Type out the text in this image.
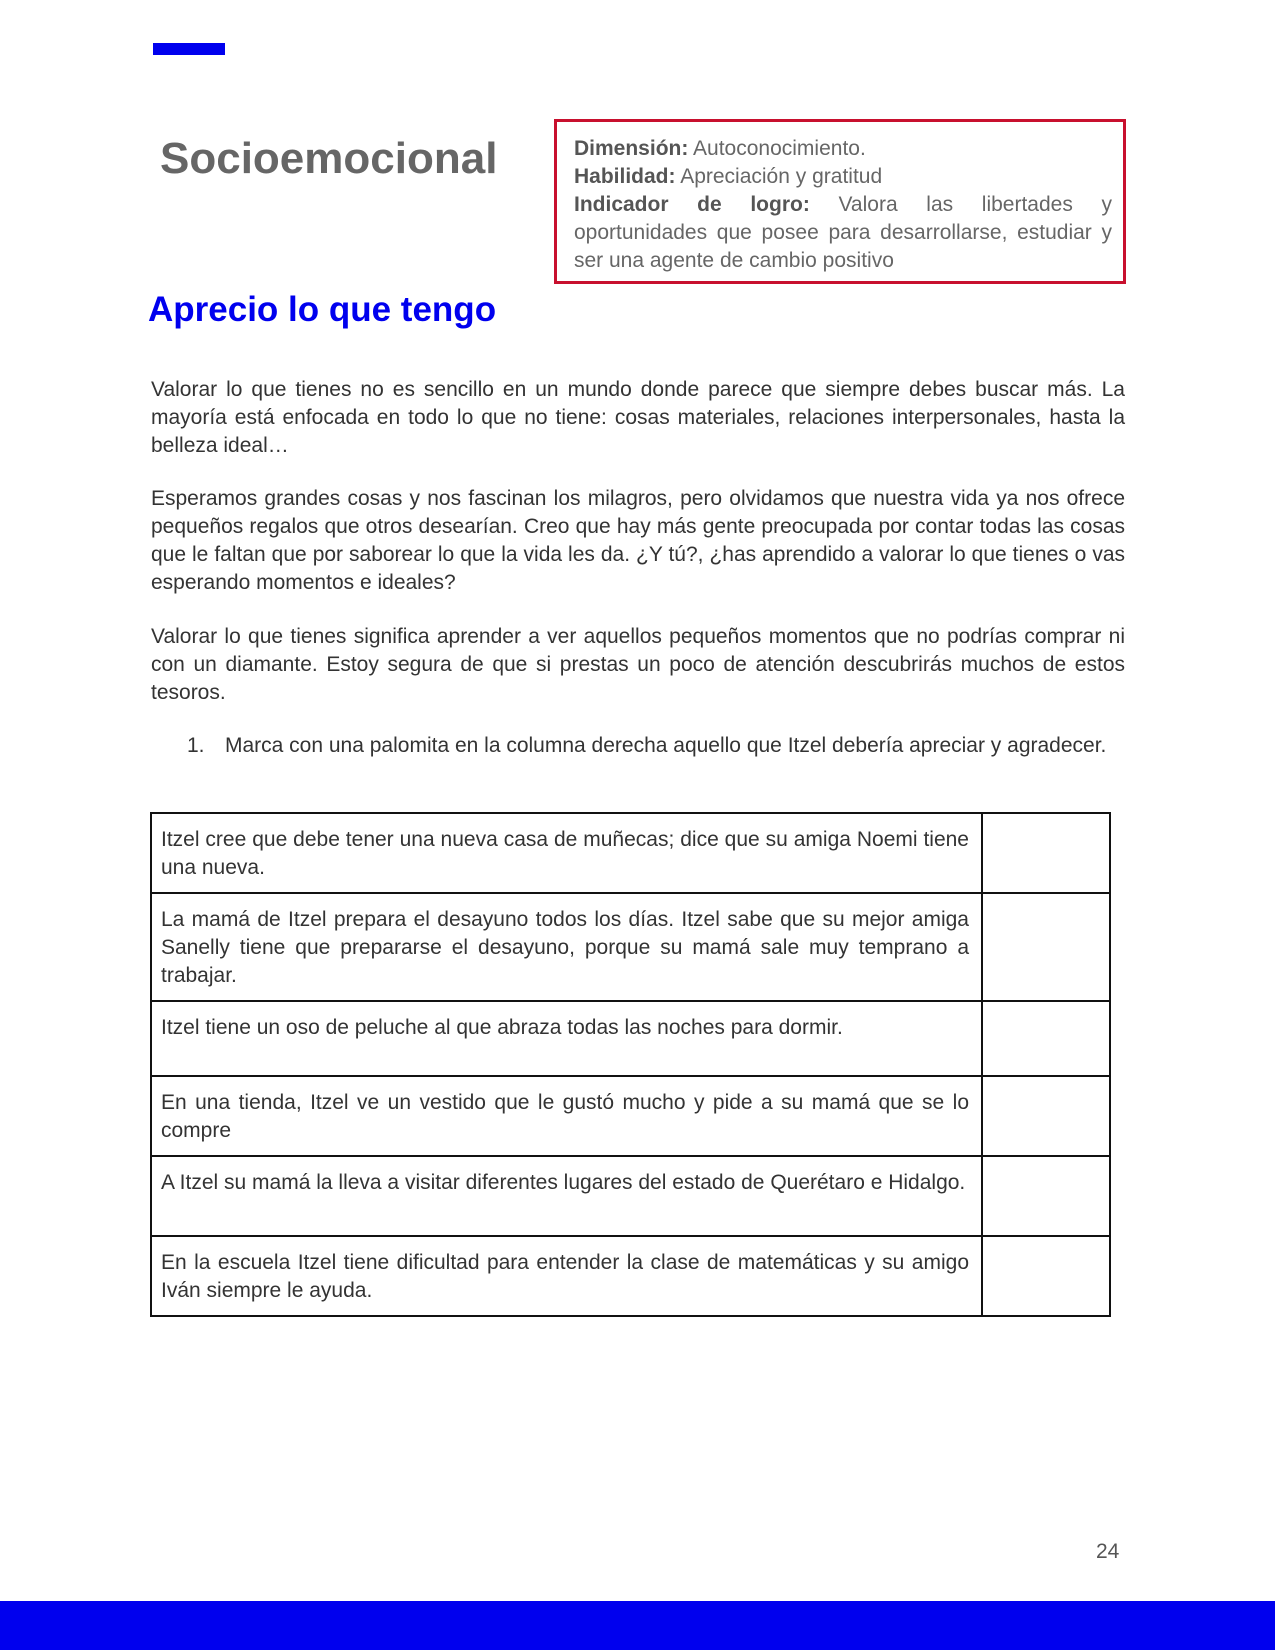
Socioemocional	Dimensión: Autoconocimiento.

Habilidad: Apreciación y gratitud

Indicador de logro: Valora las libertades y oportunidades que posee para desarrollarse, estudiar y ser una agente de cambio positivo

Aprecio lo que tengo

Valorar lo que tienes no es sencillo en un mundo donde parece que siempre debes buscar más. La mayoría está enfocada en todo lo que no tiene: cosas materiales, relaciones interpersonales, hasta la belleza ideal…

Esperamos grandes cosas y nos fascinan los milagros, pero olvidamos que nuestra vida ya nos ofrece pequeños regalos que otros desearían. Creo que hay más gente preocupada por contar todas las cosas que le faltan que por saborear lo que la vida les da. ¿Y tú?, ¿has aprendido a valorar lo que tienes o vas esperando momentos e ideales?

Valorar lo que tienes significa aprender a ver aquellos pequeños momentos que no podrías comprar ni con un diamante. Estoy segura de que si prestas un poco de atención descubrirás muchos de estos tesoros.

1. Marca con una palomita en la columna derecha aquello que Itzel debería apreciar y agradecer.
Itzel cree que debe tener una nueva casa de muñecas; dice que su amiga Noemi tiene una nueva.	
La mamá de Itzel prepara el desayuno todos los días. Itzel sabe que su mejor amiga Sanelly tiene que prepararse el desayuno, porque su mamá sale muy temprano a trabajar.	
Itzel tiene un oso de peluche al que abraza todas las noches para dormir.	
En una tienda, Itzel ve un vestido que le gustó mucho y pide a su mamá que se lo compre	
A Itzel su mamá la lleva a visitar diferentes lugares del estado de Querétaro e Hidalgo.	
En la escuela Itzel tiene dificultad para entender la clase de matemáticas y su amigo Iván siempre le ayuda.	
24
